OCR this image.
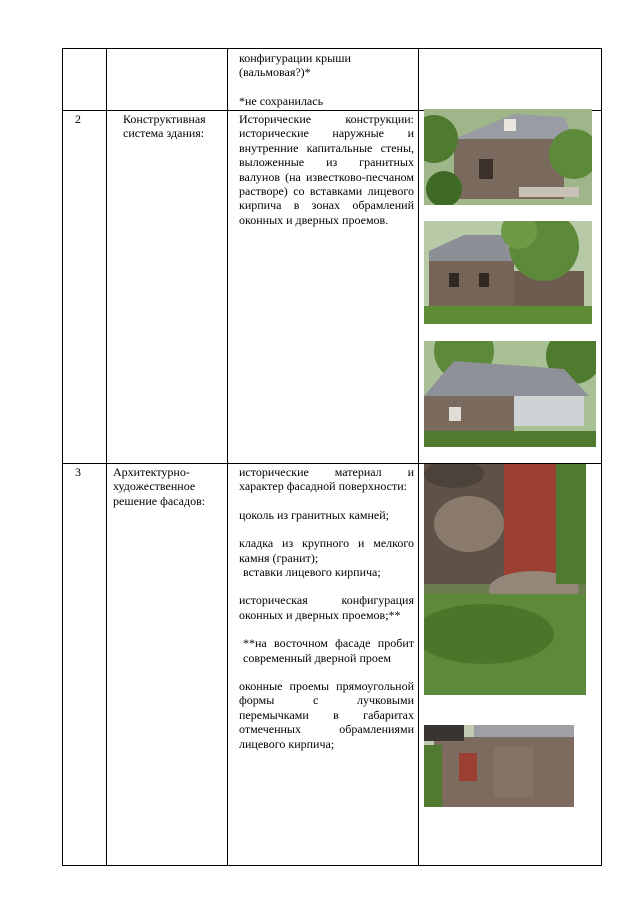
конфигурации крыши

(вальмовая?)*

*не сохранилась

2	Конструктивная система здания:
Исторические конструкции: исторические наружные и внутренние капитальные стены, выложенные из гранитных валунов (на известково-песчаном растворе) со вставками лицевого кирпича в зонах обрамлений оконных и дверных проемов.
3	Архитектурно-художественное решение фасадов:

исторические материал и характер фасадной поверхности:

цоколь из гранитных камней;

кладка из крупного и мелкого камня (гранит);

вставки лицевого кирпича;

историческая конфигурация оконных и дверных проемов;**

**на восточном фасаде пробит современный дверной проем

оконные проемы прямоугольной формы с лучковыми перемычками в габаритах отмеченных обрамлениями лицевого кирпича;
